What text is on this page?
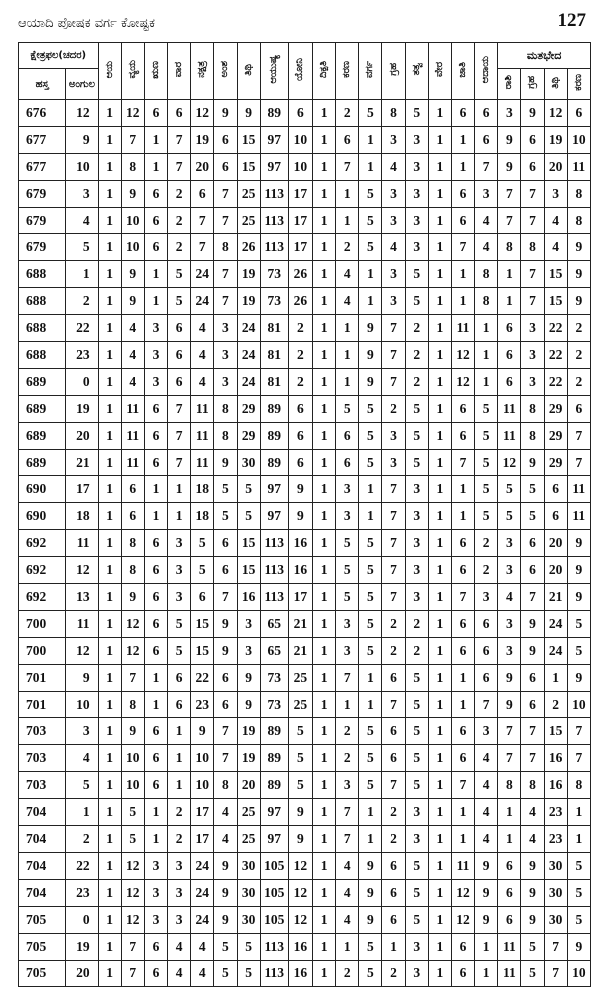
ಆಯಾದಿ ಪೋಷಕ ವರ್ಗ ಕೋಷ್ಟಕ	127
ಕ್ಷೇತ್ರಫಲ(ಚದರ)		ಆಯ	ವ್ಯಯ	ಋಣ	ವಾರ	ನಕ್ಷತ್ರ	ಅಂಶ	ತಿಥಿ	ಆಯುಷ್ಯ	ಯೋನಿ	ದಿಕ್ಪತಿ	ಕರಣ	ವರ್ಗ	ಗ್ರಹ	ತತ್ವ	ವೇರ	ಜಾತಿ	ಆದಾಯ	ಮತಭೇದ			
ಹಸ್ತ	ಅಂಗುಲ																		ರಾಶಿ	ಗ್ರಹ	ತಿಥಿ	ಕರಣ
676	12	1	12	6	6	12	9	9	89	6	1	2	5	8	5	1	6	6	3	9	12	6
677	9	1	7	1	7	19	6	15	97	10	1	6	1	3	3	1	1	6	9	6	19	10
677	10	1	8	1	7	20	6	15	97	10	1	7	1	4	3	1	1	7	9	6	20	11
679	3	1	9	6	2	6	7	25	113	17	1	1	5	3	3	1	6	3	7	7	3	8
679	4	1	10	6	2	7	7	25	113	17	1	1	5	3	3	1	6	4	7	7	4	8
679	5	1	10	6	2	7	8	26	113	17	1	2	5	4	3	1	7	4	8	8	4	9
688	1	1	9	1	5	24	7	19	73	26	1	4	1	3	5	1	1	8	1	7	15	9
688	2	1	9	1	5	24	7	19	73	26	1	4	1	3	5	1	1	8	1	7	15	9
688	22	1	4	3	6	4	3	24	81	2	1	1	9	7	2	1	11	1	6	3	22	2
688	23	1	4	3	6	4	3	24	81	2	1	1	9	7	2	1	12	1	6	3	22	2
689	0	1	4	3	6	4	3	24	81	2	1	1	9	7	2	1	12	1	6	3	22	2
689	19	1	11	6	7	11	8	29	89	6	1	5	5	2	5	1	6	5	11	8	29	6
689	20	1	11	6	7	11	8	29	89	6	1	6	5	3	5	1	6	5	11	8	29	7
689	21	1	11	6	7	11	9	30	89	6	1	6	5	3	5	1	7	5	12	9	29	7
690	17	1	6	1	1	18	5	5	97	9	1	3	1	7	3	1	1	5	5	5	6	11
690	18	1	6	1	1	18	5	5	97	9	1	3	1	7	3	1	1	5	5	5	6	11
692	11	1	8	6	3	5	6	15	113	16	1	5	5	7	3	1	6	2	3	6	20	9
692	12	1	8	6	3	5	6	15	113	16	1	5	5	7	3	1	6	2	3	6	20	9
692	13	1	9	6	3	6	7	16	113	17	1	5	5	7	3	1	7	3	4	7	21	9
700	11	1	12	6	5	15	9	3	65	21	1	3	5	2	2	1	6	6	3	9	24	5
700	12	1	12	6	5	15	9	3	65	21	1	3	5	2	2	1	6	6	3	9	24	5
701	9	1	7	1	6	22	6	9	73	25	1	7	1	6	5	1	1	6	9	6	1	9
701	10	1	8	1	6	23	6	9	73	25	1	1	1	7	5	1	1	7	9	6	2	10
703	3	1	9	6	1	9	7	19	89	5	1	2	5	6	5	1	6	3	7	7	15	7
703	4	1	10	6	1	10	7	19	89	5	1	2	5	6	5	1	6	4	7	7	16	7
703	5	1	10	6	1	10	8	20	89	5	1	3	5	7	5	1	7	4	8	8	16	8
704	1	1	5	1	2	17	4	25	97	9	1	7	1	2	3	1	1	4	1	4	23	1
704	2	1	5	1	2	17	4	25	97	9	1	7	1	2	3	1	1	4	1	4	23	1
704	22	1	12	3	3	24	9	30	105	12	1	4	9	6	5	1	11	9	6	9	30	5
704	23	1	12	3	3	24	9	30	105	12	1	4	9	6	5	1	12	9	6	9	30	5
705	0	1	12	3	3	24	9	30	105	12	1	4	9	6	5	1	12	9	6	9	30	5
705	19	1	7	6	4	4	5	5	113	16	1	1	5	1	3	1	6	1	11	5	7	9
705	20	1	7	6	4	4	5	5	113	16	1	2	5	2	3	1	6	1	11	5	7	10
